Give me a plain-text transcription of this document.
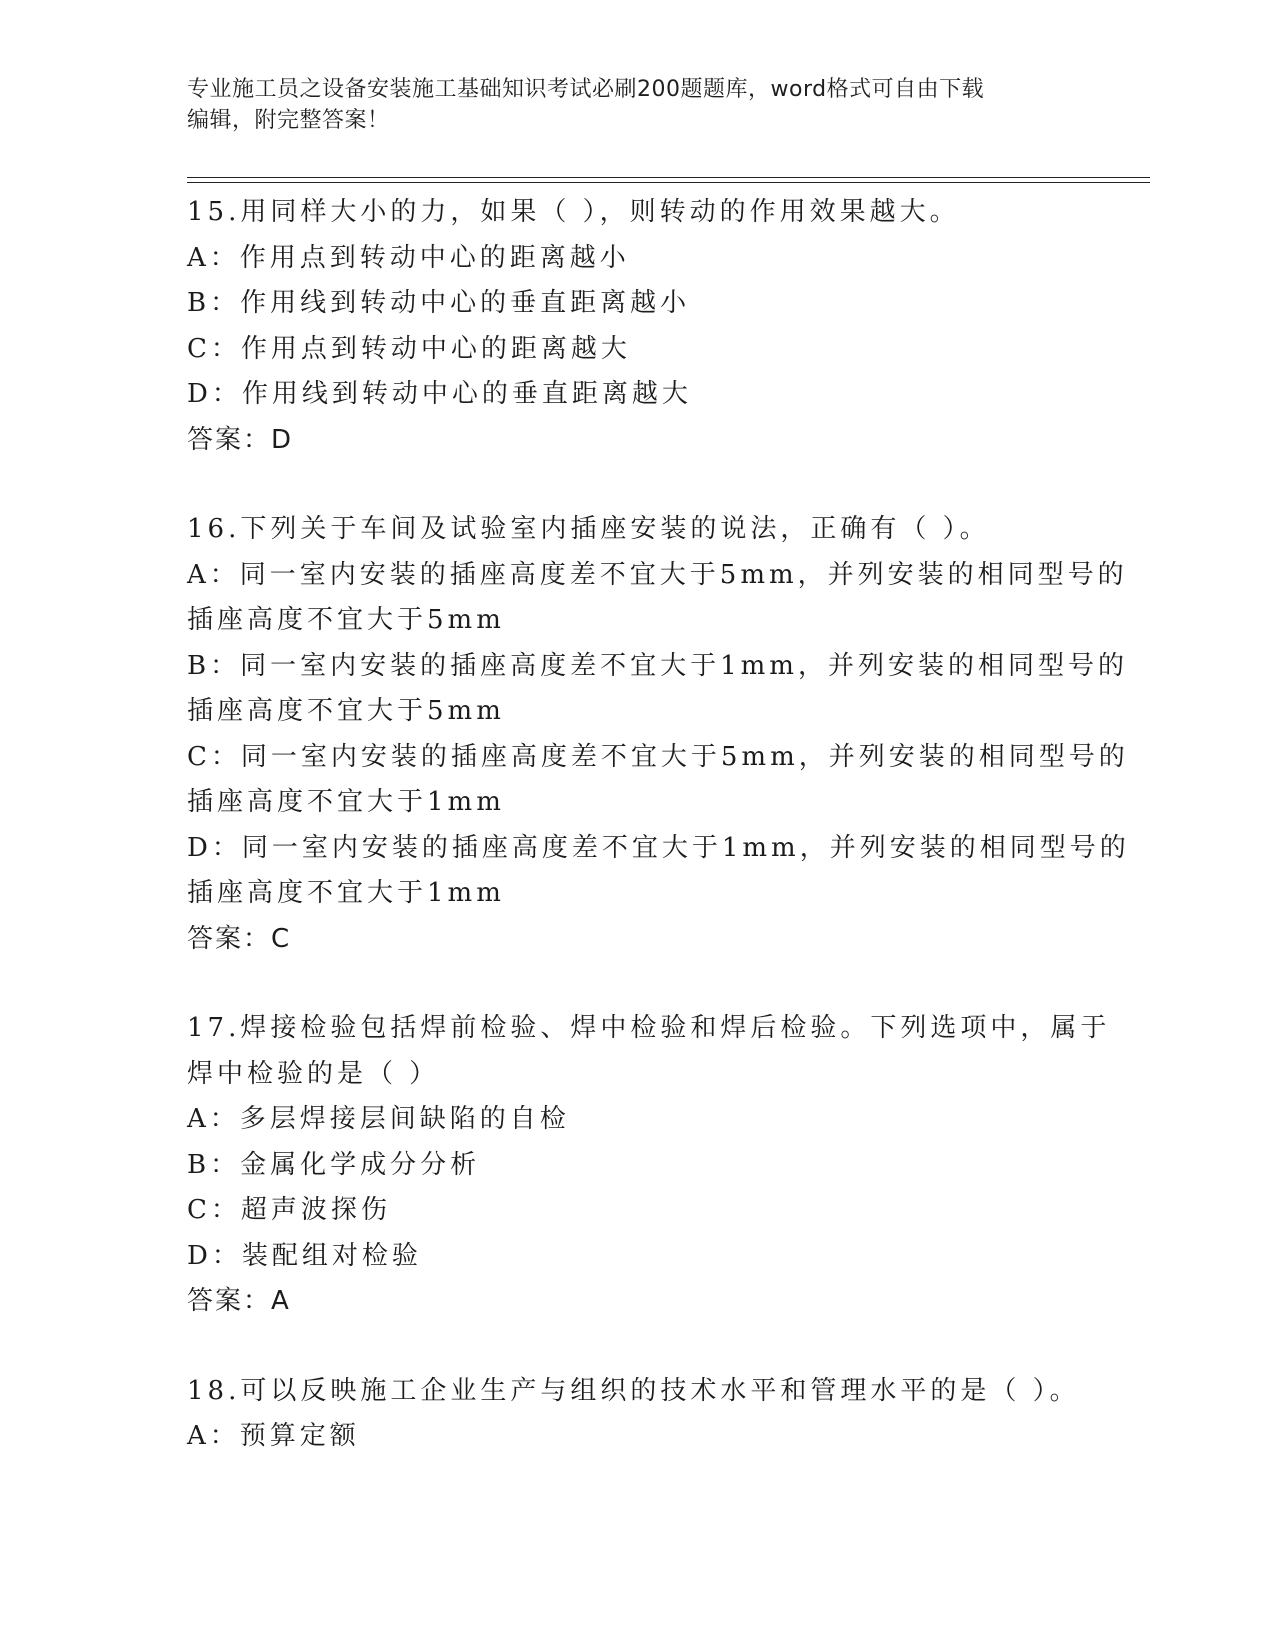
专业施工员之设备安装施工基础知识考试必刷200题题库，word格式可自由下载
编辑，附完整答案！
15.用同样大小的力，如果（ ），则转动的作用效果越大。
A：作用点到转动中心的距离越小
B：作用线到转动中心的垂直距离越小
C：作用点到转动中心的距离越大
D：作用线到转动中心的垂直距离越大
答案：D
16.下列关于车间及试验室内插座安装的说法，正确有（ ）。
A：同一室内安装的插座高度差不宜大于5mm，并列安装的相同型号的
插座高度不宜大于5mm
B：同一室内安装的插座高度差不宜大于1mm，并列安装的相同型号的
插座高度不宜大于5mm
C：同一室内安装的插座高度差不宜大于5mm，并列安装的相同型号的
插座高度不宜大于1mm
D：同一室内安装的插座高度差不宜大于1mm，并列安装的相同型号的
插座高度不宜大于1mm
答案：C
17.焊接检验包括焊前检验、焊中检验和焊后检验。下列选项中，属于
焊中检验的是（ ）
A：多层焊接层间缺陷的自检
B：金属化学成分分析
C：超声波探伤
D：装配组对检验
答案：A
18.可以反映施工企业生产与组织的技术水平和管理水平的是（ ）。
A：预算定额
